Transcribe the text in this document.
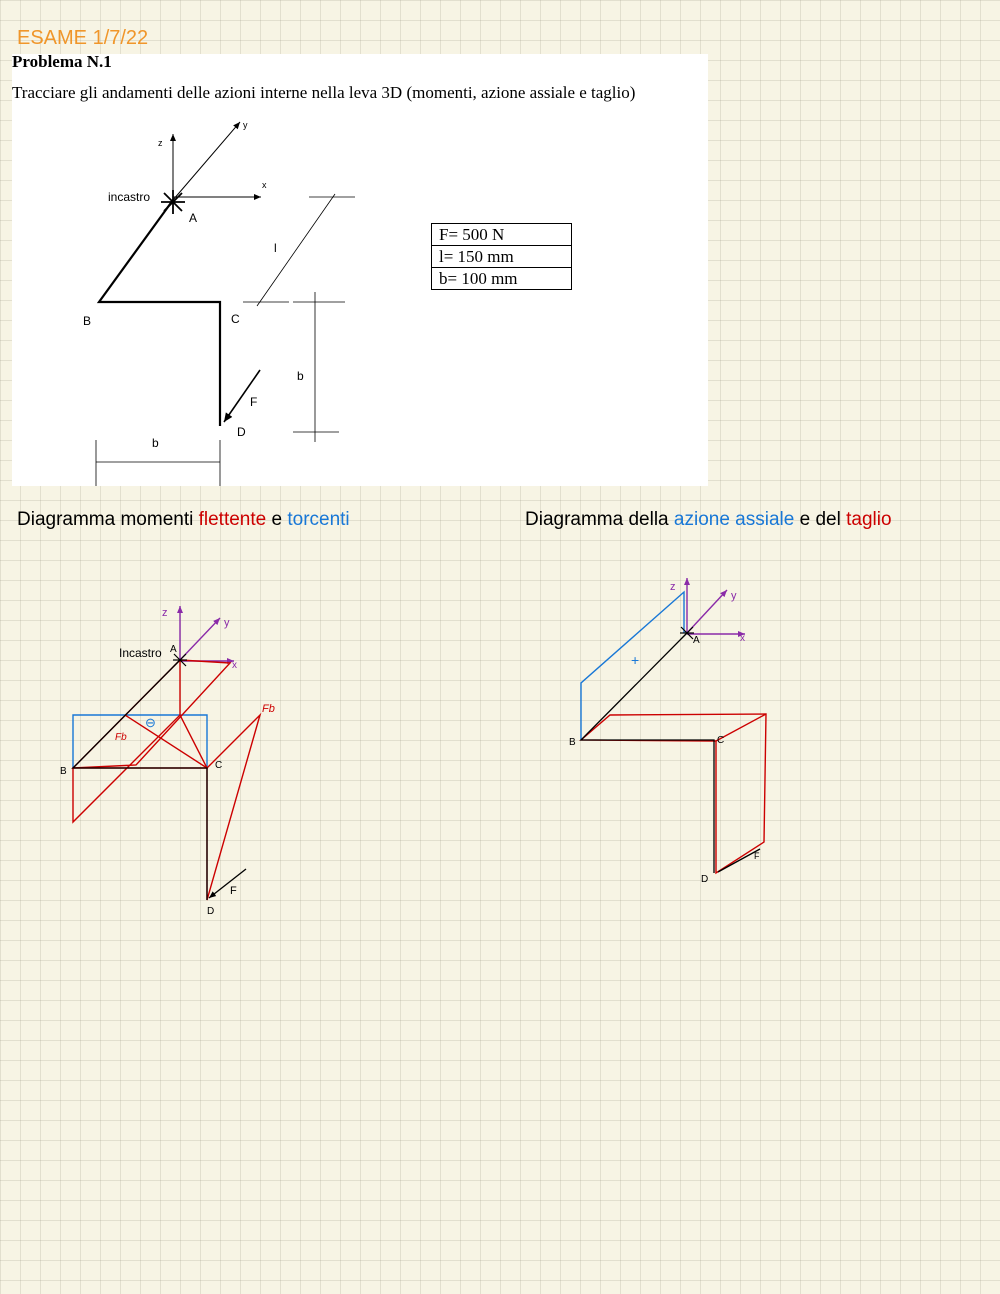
ESAME 1/7/22
Problema N.1
Tracciare gli andamenti delle azioni interne nella leva 3D (momenti, azione assiale e taglio)
z
x
y
incastro
A
B	C
D
F
l
b
b
F= 500 N
l= 150 mm
b= 100 mm
Diagramma momenti flettente e torcenti	Diagramma della azione assiale e del taglio
z
y
x
⊖
Fb
Fb
Incastro A
B
C
D
F
z
y
x
+
A
B	C
D
F
